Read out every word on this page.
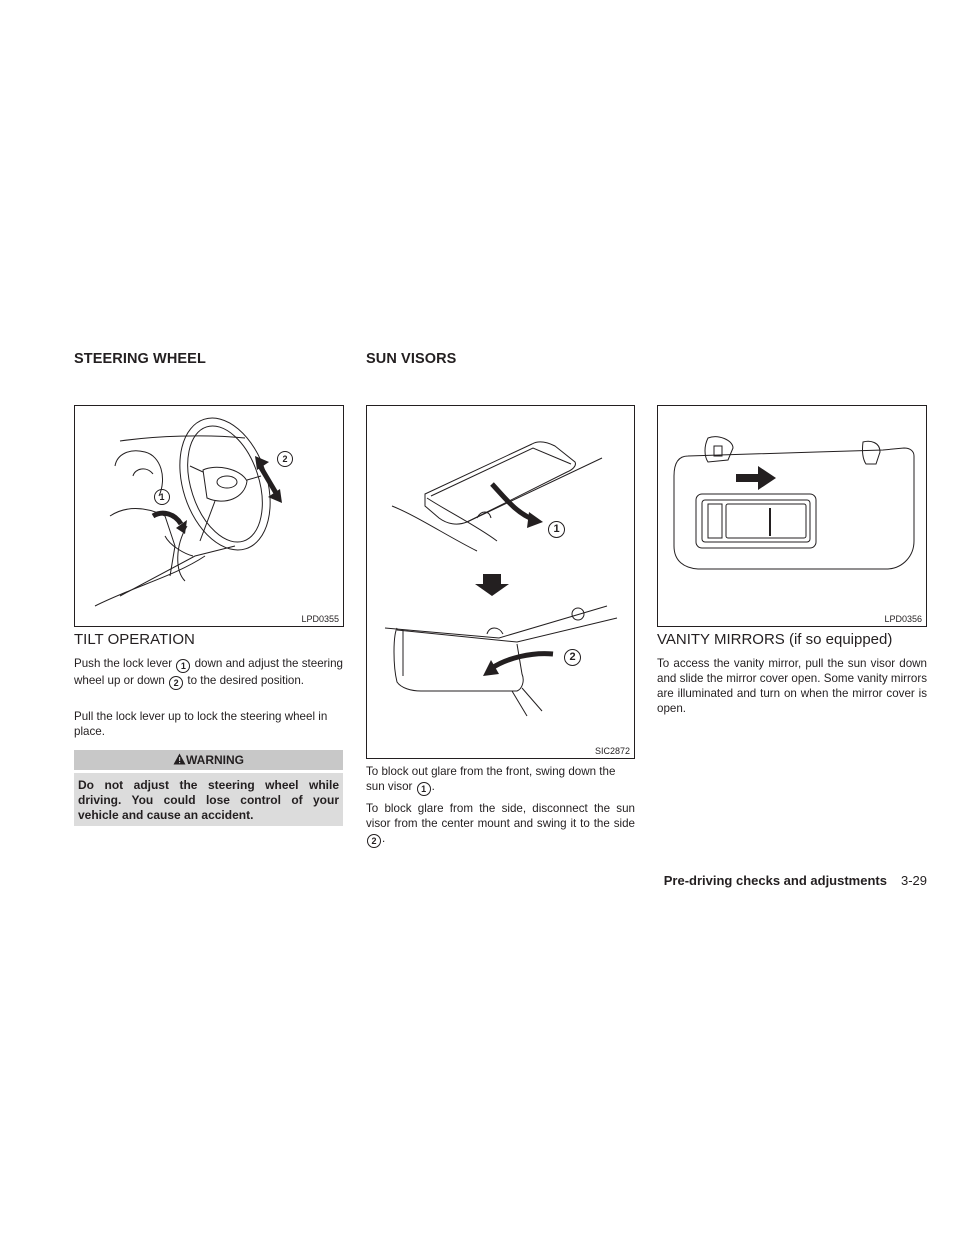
STEERING WHEEL	SUN VISORS
1
2
LPD0355
TILT OPERATION

Push the lock lever 1 down and adjust the steering wheel up or down 2 to the desired position.

Pull the lock lever up to lock the steering wheel in place.

WARNING
Do not adjust the steering wheel while driving. You could lose control of your vehicle and cause an accident.
1
2
SIC2872

To block out glare from the front, swing down the sun visor 1 .

To block glare from the side, disconnect the sun visor from the center mount and swing it to the side 2 .

LPD0356
VANITY MIRRORS (if so equipped)

To access the vanity mirror, pull the sun visor down and slide the mirror cover open. Some vanity mirrors are illuminated and turn on when the mirror cover is open.

Pre-driving checks and adjustments 3-29
